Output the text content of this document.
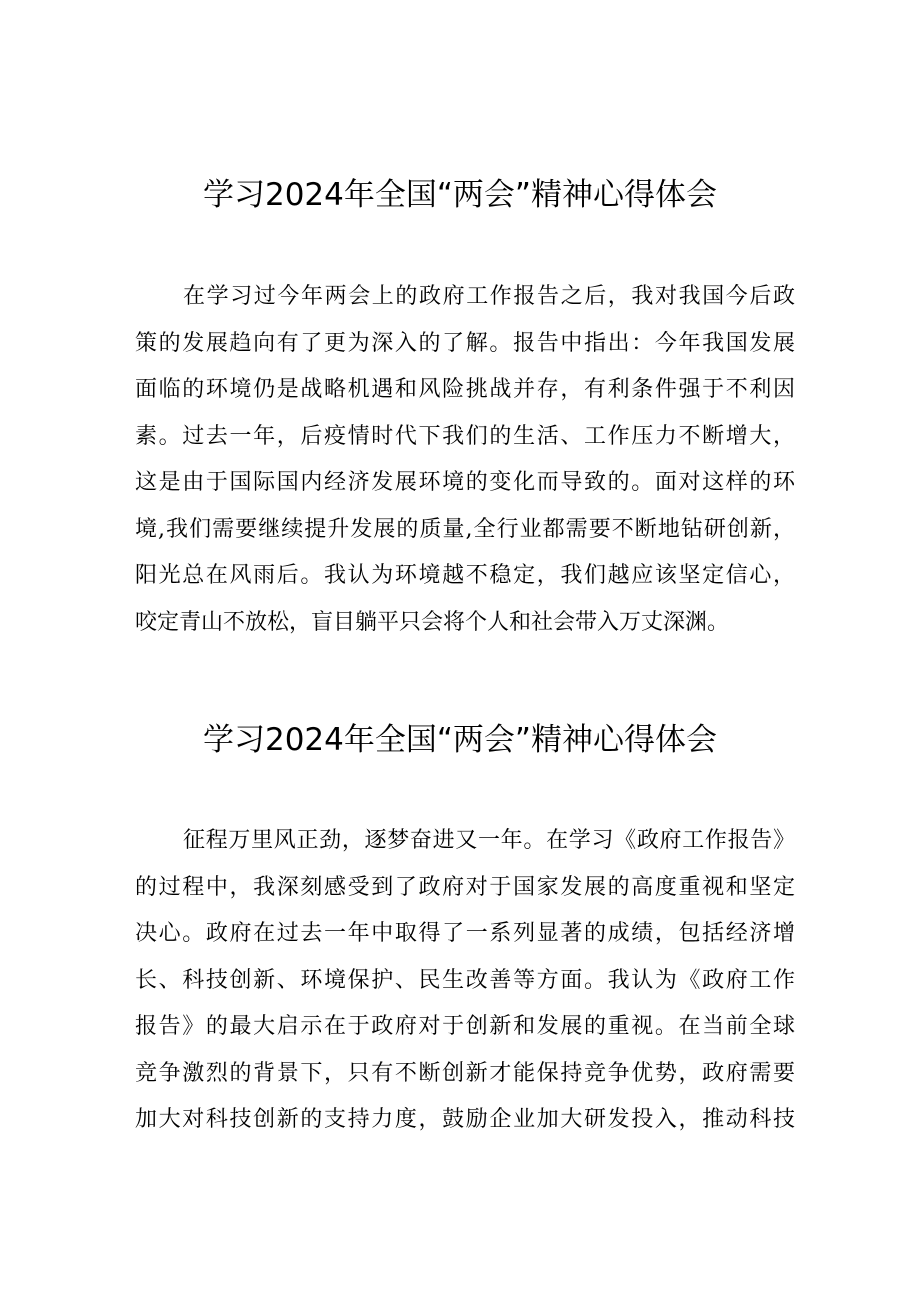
学习2024年全国“两会”精神心得体会
在学习过今年两会上的政府工作报告之后，我对我国今后政
策的发展趋向有了更为深入的了解。报告中指出：今年我国发展
面临的环境仍是战略机遇和风险挑战并存，有利条件强于不利因
素。过去一年，后疫情时代下我们的生活、工作压力不断增大，
这是由于国际国内经济发展环境的变化而导致的。面对这样的环
境,我们需要继续提升发展的质量,全行业都需要不断地钻研创新，
阳光总在风雨后。我认为环境越不稳定，我们越应该坚定信心，
咬定青山不放松，盲目躺平只会将个人和社会带入万丈深渊。
学习2024年全国“两会”精神心得体会
征程万里风正劲，逐梦奋进又一年。在学习《政府工作报告》
的过程中，我深刻感受到了政府对于国家发展的高度重视和坚定
决心。政府在过去一年中取得了一系列显著的成绩，包括经济增
长、科技创新、环境保护、民生改善等方面。我认为《政府工作
报告》的最大启示在于政府对于创新和发展的重视。在当前全球
竞争激烈的背景下，只有不断创新才能保持竞争优势，政府需要
加大对科技创新的支持力度，鼓励企业加大研发投入，推动科技
